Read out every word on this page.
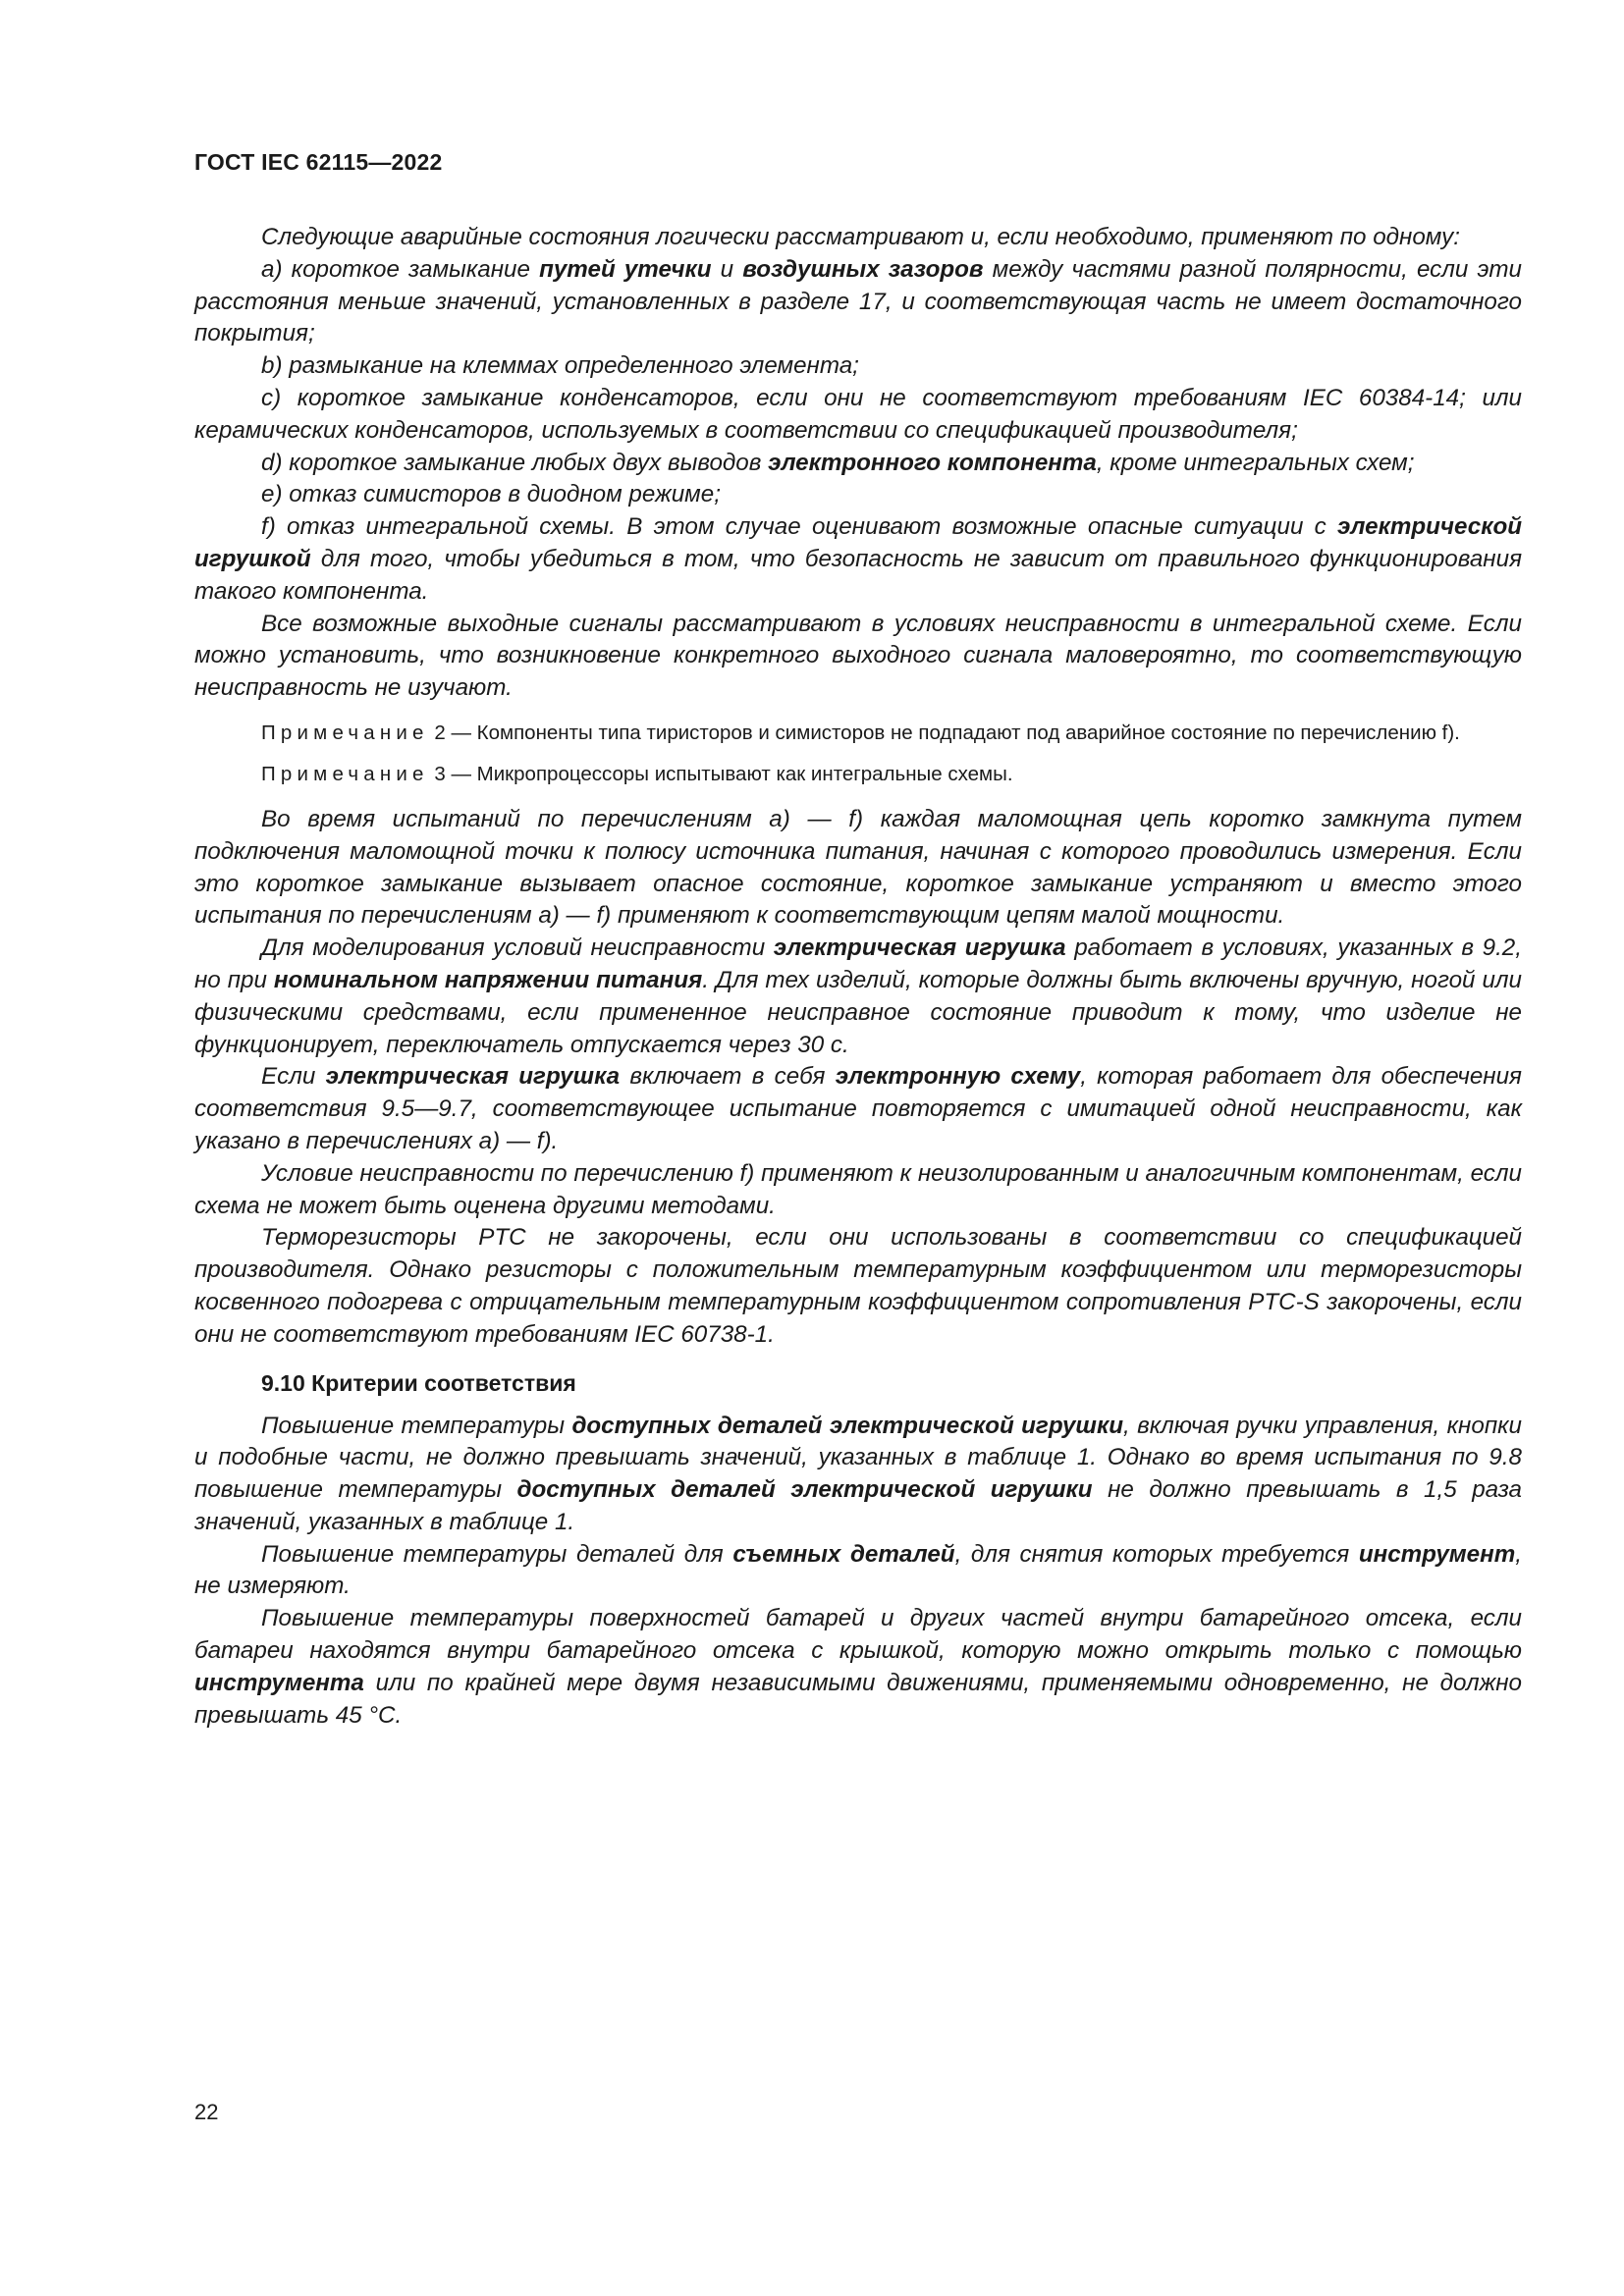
ГОСТ IEC 62115—2022

Следующие аварийные состояния логически рассматривают и, если необходимо, применяют по одному:

a) короткое замыкание путей утечки и воздушных зазоров между частями разной полярности, если эти расстояния меньше значений, установленных в разделе 17, и соответствующая часть не имеет достаточного покрытия;

b) размыкание на клеммах определенного элемента;

c) короткое замыкание конденсаторов, если они не соответствуют требованиям IEC 60384-14; или керамических конденсаторов, используемых в соответствии со спецификацией производителя;

d) короткое замыкание любых двух выводов электронного компонента, кроме интегральных схем;

e) отказ симисторов в диодном режиме;

f) отказ интегральной схемы. В этом случае оценивают возможные опасные ситуации с электрической игрушкой для того, чтобы убедиться в том, что безопасность не зависит от правильного функционирования такого компонента.

Все возможные выходные сигналы рассматривают в условиях неисправности в интегральной схеме. Если можно установить, что возникновение конкретного выходного сигнала маловероятно, то соответствующую неисправность не изучают.

Примечание 2 — Компоненты типа тиристоров и симисторов не подпадают под аварийное состояние по перечислению f).

Примечание 3 — Микропроцессоры испытывают как интегральные схемы.

Во время испытаний по перечислениям a) — f) каждая маломощная цепь коротко замкнута путем подключения маломощной точки к полюсу источника питания, начиная с которого проводились измерения. Если это короткое замыкание вызывает опасное состояние, короткое замыкание устраняют и вместо этого испытания по перечислениям a) — f) применяют к соответствующим цепям малой мощности.

Для моделирования условий неисправности электрическая игрушка работает в условиях, указанных в 9.2, но при номинальном напряжении питания. Для тех изделий, которые должны быть включены вручную, ногой или физическими средствами, если примененное неисправное состояние приводит к тому, что изделие не функционирует, переключатель отпускается через 30 с.

Если электрическая игрушка включает в себя электронную схему, которая работает для обеспечения соответствия 9.5—9.7, соответствующее испытание повторяется с имитацией одной неисправности, как указано в перечислениях a) — f).

Условие неисправности по перечислению f) применяют к неизолированным и аналогичным компонентам, если схема не может быть оценена другими методами.

Терморезисторы PTC не закорочены, если они использованы в соответствии со спецификацией производителя. Однако резисторы с положительным температурным коэффициентом или терморезисторы косвенного подогрева с отрицательным температурным коэффициентом сопротивления PTC-S закорочены, если они не соответствуют требованиям IEC 60738-1.

9.10 Критерии соответствия

Повышение температуры доступных деталей электрической игрушки, включая ручки управления, кнопки и подобные части, не должно превышать значений, указанных в таблице 1. Однако во время испытания по 9.8 повышение температуры доступных деталей электрической игрушки не должно превышать в 1,5 раза значений, указанных в таблице 1.

Повышение температуры деталей для съемных деталей, для снятия которых требуется инструмент, не измеряют.

Повышение температуры поверхностей батарей и других частей внутри батарейного отсека, если батареи находятся внутри батарейного отсека с крышкой, которую можно открыть только с помощью инструмента или по крайней мере двумя независимыми движениями, применяемыми одновременно, не должно превышать 45 °C.

22
